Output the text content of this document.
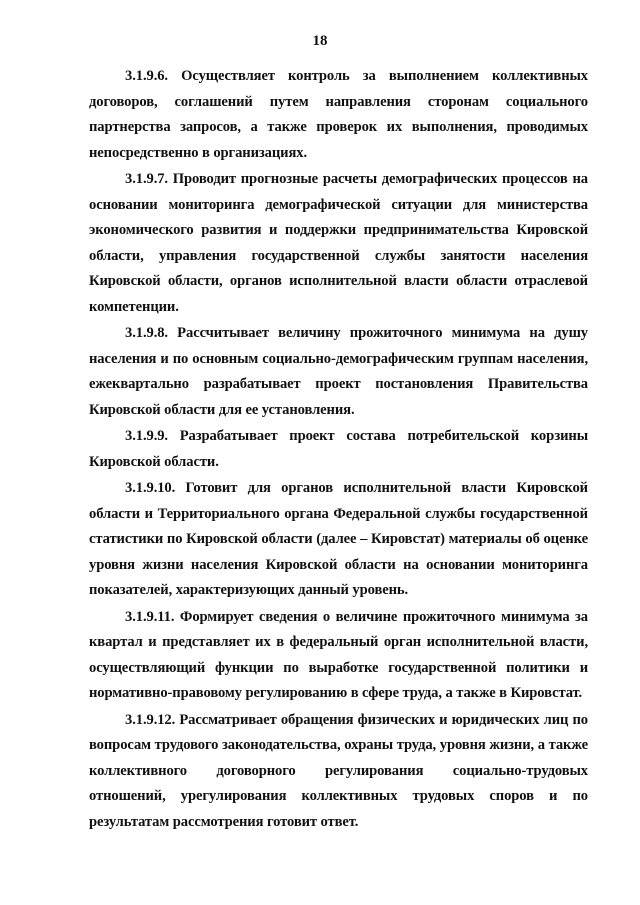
18

3.1.9.6. Осуществляет контроль за выполнением коллективных договоров, соглашений путем направления сторонам социального партнерства запросов, а также проверок их выполнения, проводимых непосредственно в организациях.

3.1.9.7. Проводит прогнозные расчеты демографических процессов на основании мониторинга демографической ситуации для министерства экономического развития и поддержки предпринимательства Кировской области, управления государственной службы занятости населения Кировской области, органов исполнительной власти области отраслевой компетенции.

3.1.9.8. Рассчитывает величину прожиточного минимума на душу населения и по основным социально-демографическим группам населения, ежеквартально разрабатывает проект постановления Правительства Кировской области для ее установления.

3.1.9.9. Разрабатывает проект состава потребительской корзины Кировской области.

3.1.9.10. Готовит для органов исполнительной власти Кировской области и Территориального органа Федеральной службы государственной статистики по Кировской области (далее – Кировстат) материалы об оценке уровня жизни населения Кировской области на основании мониторинга показателей, характеризующих данный уровень.

3.1.9.11. Формирует сведения о величине прожиточного минимума за квартал и представляет их в федеральный орган исполнительной власти, осуществляющий функции по выработке государственной политики и нормативно-правовому регулированию в сфере труда, а также в Кировстат.

3.1.9.12. Рассматривает обращения физических и юридических лиц по вопросам трудового законодательства, охраны труда, уровня жизни, а также коллективного договорного регулирования социально-трудовых отношений, урегулирования коллективных трудовых споров и по результатам рассмотрения готовит ответ.
